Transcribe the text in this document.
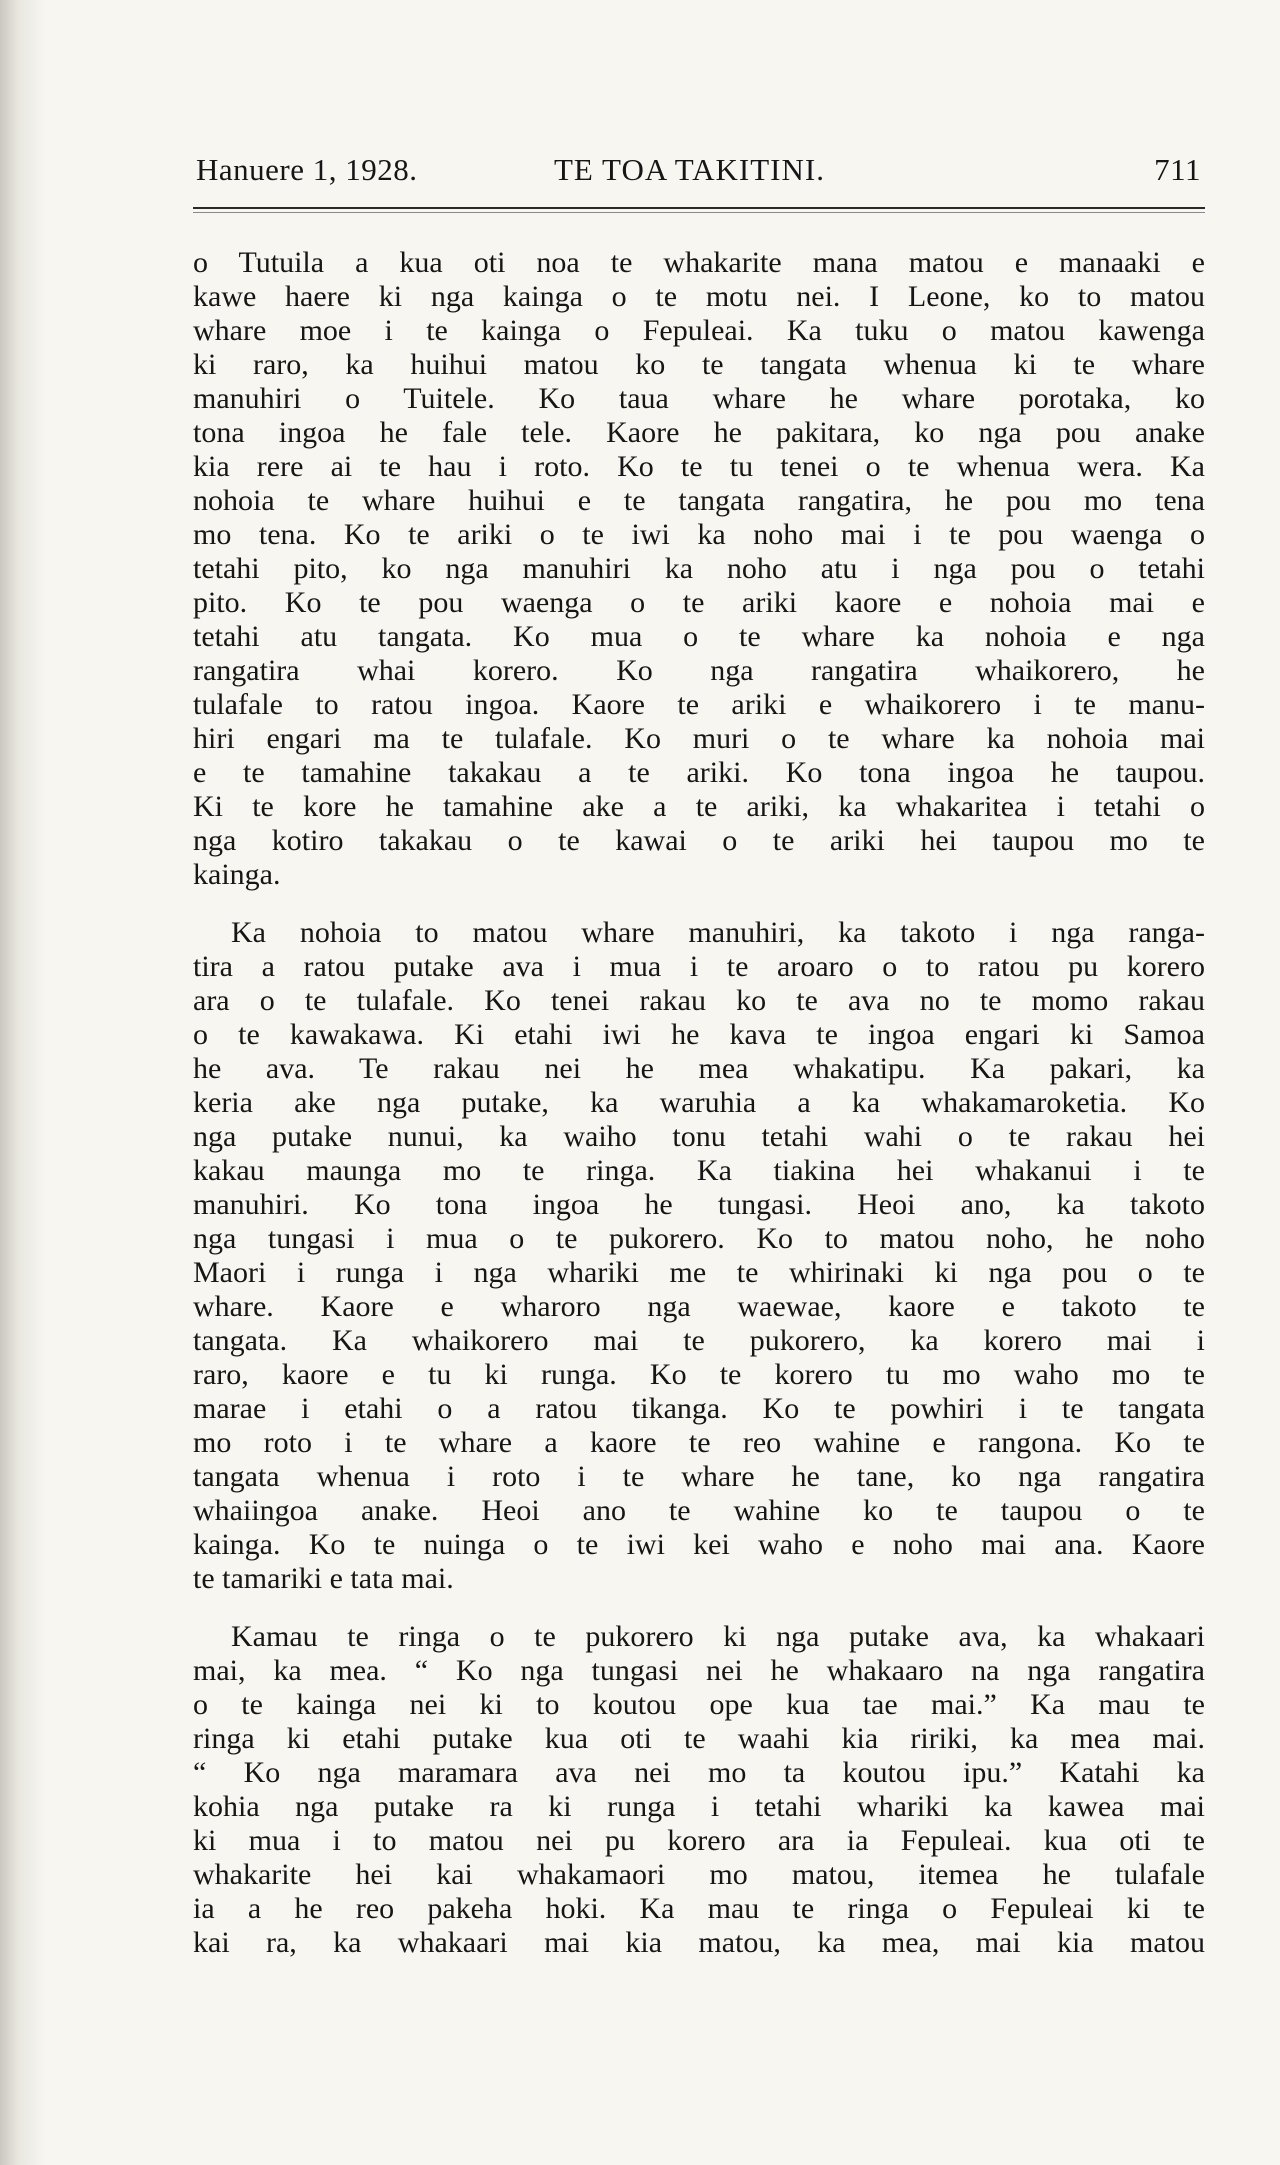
Hanuere 1, 1928.	TE TOA TAKITINI.	711
o Tutuila a kua oti noa te whakarite mana matou e manaaki e
kawe haere ki nga kainga o te motu nei. I Leone, ko to matou
whare moe i te kainga o Fepuleai. Ka tuku o matou kawenga
ki raro, ka huihui matou ko te tangata whenua ki te whare
manuhiri o Tuitele. Ko taua whare he whare porotaka, ko
tona ingoa he fale tele. Kaore he pakitara, ko nga pou anake
kia rere ai te hau i roto. Ko te tu tenei o te whenua wera. Ka
nohoia te whare huihui e te tangata rangatira, he pou mo tena
mo tena. Ko te ariki o te iwi ka noho mai i te pou waenga o
tetahi pito, ko nga manuhiri ka noho atu i nga pou o tetahi
pito. Ko te pou waenga o te ariki kaore e nohoia mai e
tetahi atu tangata. Ko mua o te whare ka nohoia e nga
rangatira whai korero. Ko nga rangatira whaikorero, he
tulafale to ratou ingoa. Kaore te ariki e whaikorero i te manu-
hiri engari ma te tulafale. Ko muri o te whare ka nohoia mai
e te tamahine takakau a te ariki. Ko tona ingoa he taupou.
Ki te kore he tamahine ake a te ariki, ka whakaritea i tetahi o
nga kotiro takakau o te kawai o te ariki hei taupou mo te
kainga.
Ka nohoia to matou whare manuhiri, ka takoto i nga ranga-
tira a ratou putake ava i mua i te aroaro o to ratou pu korero
ara o te tulafale. Ko tenei rakau ko te ava no te momo rakau
o te kawakawa. Ki etahi iwi he kava te ingoa engari ki Samoa
he ava. Te rakau nei he mea whakatipu. Ka pakari, ka
keria ake nga putake, ka waruhia a ka whakamaroketia. Ko
nga putake nunui, ka waiho tonu tetahi wahi o te rakau hei
kakau maunga mo te ringa. Ka tiakina hei whakanui i te
manuhiri. Ko tona ingoa he tungasi. Heoi ano, ka takoto
nga tungasi i mua o te pukorero. Ko to matou noho, he noho
Maori i runga i nga whariki me te whirinaki ki nga pou o te
whare. Kaore e wharoro nga waewae, kaore e takoto te
tangata. Ka whaikorero mai te pukorero, ka korero mai i
raro, kaore e tu ki runga. Ko te korero tu mo waho mo te
marae i etahi o a ratou tikanga. Ko te powhiri i te tangata
mo roto i te whare a kaore te reo wahine e rangona. Ko te
tangata whenua i roto i te whare he tane, ko nga rangatira
whaiingoa anake. Heoi ano te wahine ko te taupou o te
kainga. Ko te nuinga o te iwi kei waho e noho mai ana. Kaore
te tamariki e tata mai.
Kamau te ringa o te pukorero ki nga putake ava, ka whakaari
mai, ka mea. “ Ko nga tungasi nei he whakaaro na nga rangatira
o te kainga nei ki to koutou ope kua tae mai.” Ka mau te
ringa ki etahi putake kua oti te waahi kia ririki, ka mea mai.
“ Ko nga maramara ava nei mo ta koutou ipu.” Katahi ka
kohia nga putake ra ki runga i tetahi whariki ka kawea mai
ki mua i to matou nei pu korero ara ia Fepuleai. kua oti te
whakarite hei kai whakamaori mo matou, itemea he tulafale
ia a he reo pakeha hoki. Ka mau te ringa o Fepuleai ki te
kai ra, ka whakaari mai kia matou, ka mea, mai kia matou
